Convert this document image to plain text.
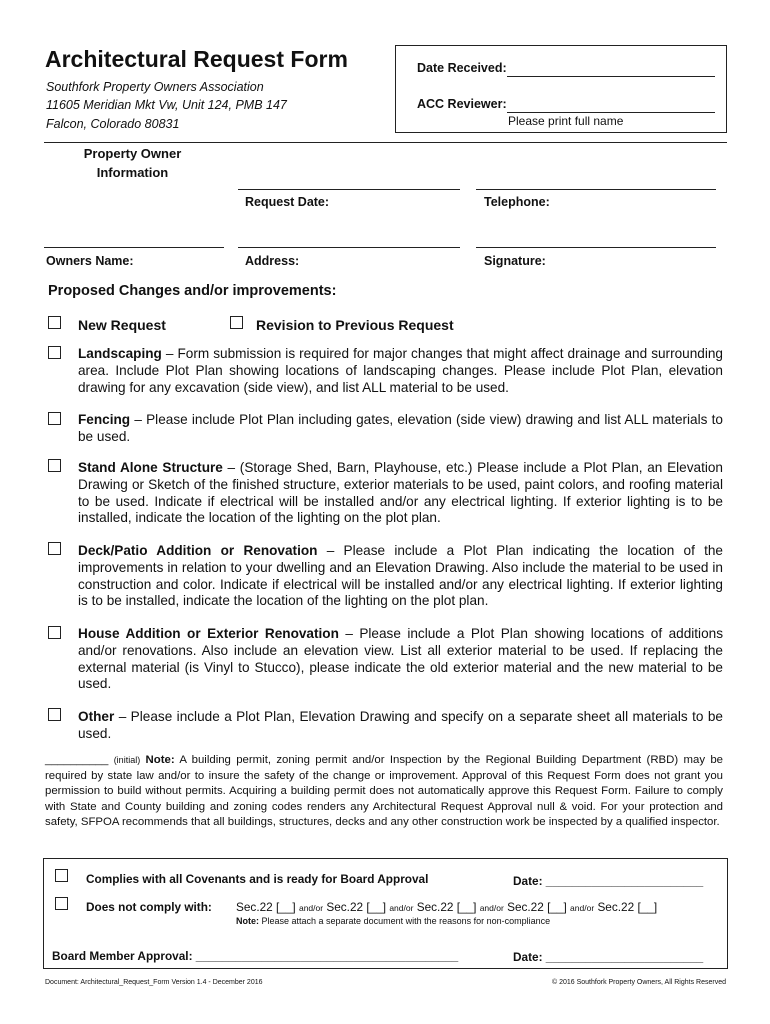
Architectural Request Form
Southfork Property Owners Association
11605 Meridian Mkt Vw, Unit 124, PMB 147
Falcon, Colorado 80831
Date Received:
ACC Reviewer:
Please print full name
Property Owner Information
Request Date:	Telephone:
Owners Name:	Address:	Signature:
Proposed Changes and/or improvements:
New Request	Revision to Previous Request
Landscaping – Form submission is required for major changes that might affect drainage and surrounding area. Include Plot Plan showing locations of landscaping changes. Please include Plot Plan, elevation drawing for any excavation (side view), and list ALL material to be used.
Fencing – Please include Plot Plan including gates, elevation (side view) drawing and list ALL materials to be used.
Stand Alone Structure – (Storage Shed, Barn, Playhouse, etc.) Please include a Plot Plan, an Elevation Drawing or Sketch of the finished structure, exterior materials to be used, paint colors, and roofing material to be used. Indicate if electrical will be installed and/or any electrical lighting. If exterior lighting is to be installed, indicate the location of the lighting on the plot plan.
Deck/Patio Addition or Renovation – Please include a Plot Plan indicating the location of the improvements in relation to your dwelling and an Elevation Drawing. Also include the material to be used in construction and color. Indicate if electrical will be installed and/or any electrical lighting. If exterior lighting is to be installed, indicate the location of the lighting on the plot plan.
House Addition or Exterior Renovation – Please include a Plot Plan showing locations of additions and/or renovations. Also include an elevation view. List all exterior material to be used. If replacing the external material (is Vinyl to Stucco), please indicate the old exterior material and the new material to be used.
Other – Please include a Plot Plan, Elevation Drawing and specify on a separate sheet all materials to be used.
__________ (initial) Note: A building permit, zoning permit and/or Inspection by the Regional Building Department (RBD) may be required by state law and/or to insure the safety of the change or improvement. Approval of this Request Form does not grant you permission to build without permits. Acquiring a building permit does not automatically approve this Request Form. Failure to comply with State and County building and zoning codes renders any Architectural Request Approval null & void. For your protection and safety, SFPOA recommends that all buildings, structures, decks and any other construction work be inspected by a qualified inspector.
Complies with all Covenants and is ready for Board Approval	Date: ________________________
Does not comply with: Sec.22 [__] and/or Sec.22 [__] and/or Sec.22 [__] and/or Sec.22 [__] and/or Sec.22 [__]
Note: Please attach a separate document with the reasons for non-compliance
Board Member Approval: ________________________________________	Date: ________________________
Document: Architectural_Request_Form Version 1.4 - December 2016	© 2016 Southfork Property Owners, All Rights Reserved
